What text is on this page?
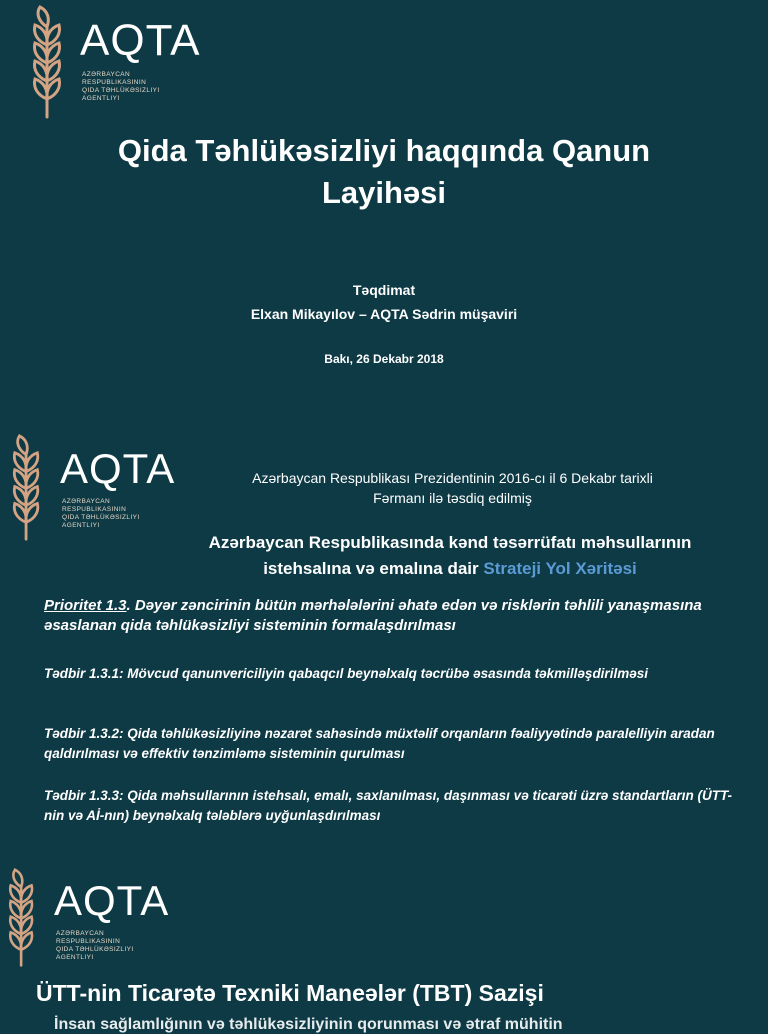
AQTA
AZƏRBAYCAN
RESPUBLIKASININ
QIDA TƏHLÜKƏSIZLIYI
AGENTLIYI
Qida Təhlükəsizliyi haqqında Qanun
Layihəsi
Təqdimat
Elxan Mikayılov – AQTA Sədrin müşaviri
Bakı, 26 Dekabr 2018
AQTA
AZƏRBAYCAN
RESPUBLIKASININ
QIDA TƏHLÜKƏSIZLIYI
AGENTLIYI
Azərbaycan Respublikası Prezidentinin 2016-cı il 6 Dekabr tarixli
Fərmanı ilə təsdiq edilmiş
Azərbaycan Respublikasında kənd təsərrüfatı məhsullarının
istehsalına və emalına dair Strateji Yol Xəritəsi
Prioritet 1.3. Dəyər zəncirinin bütün mərhələlərini əhatə edən və risklərin təhlili yanaşmasına əsaslanan qida təhlükəsizliyi sisteminin formalaşdırılması
Tədbir 1.3.1: Mövcud qanunvericiliyin qabaqcıl beynəlxalq təcrübə əsasında təkmilləşdirilməsi
Tədbir 1.3.2: Qida təhlükəsizliyinə nəzarət sahəsində müxtəlif orqanların fəaliyyətində paralelliyin aradan qaldırılması və effektiv tənzimləmə sisteminin qurulması
Tədbir 1.3.3: Qida məhsullarının istehsalı, emalı, saxlanılması, daşınması və ticarəti üzrə standartların (ÜTT-nin və Aİ-nın) beynəlxalq tələblərə uyğunlaşdırılması
AQTA
AZƏRBAYCAN
RESPUBLIKASININ
QIDA TƏHLÜKƏSIZLIYI
AGENTLIYI
ÜTT-nin Ticarətə Texniki Maneələr (TBT) Sazişi
İnsan sağlamlığının və təhlükəsizliyinin qorunması və ətraf mühitin
